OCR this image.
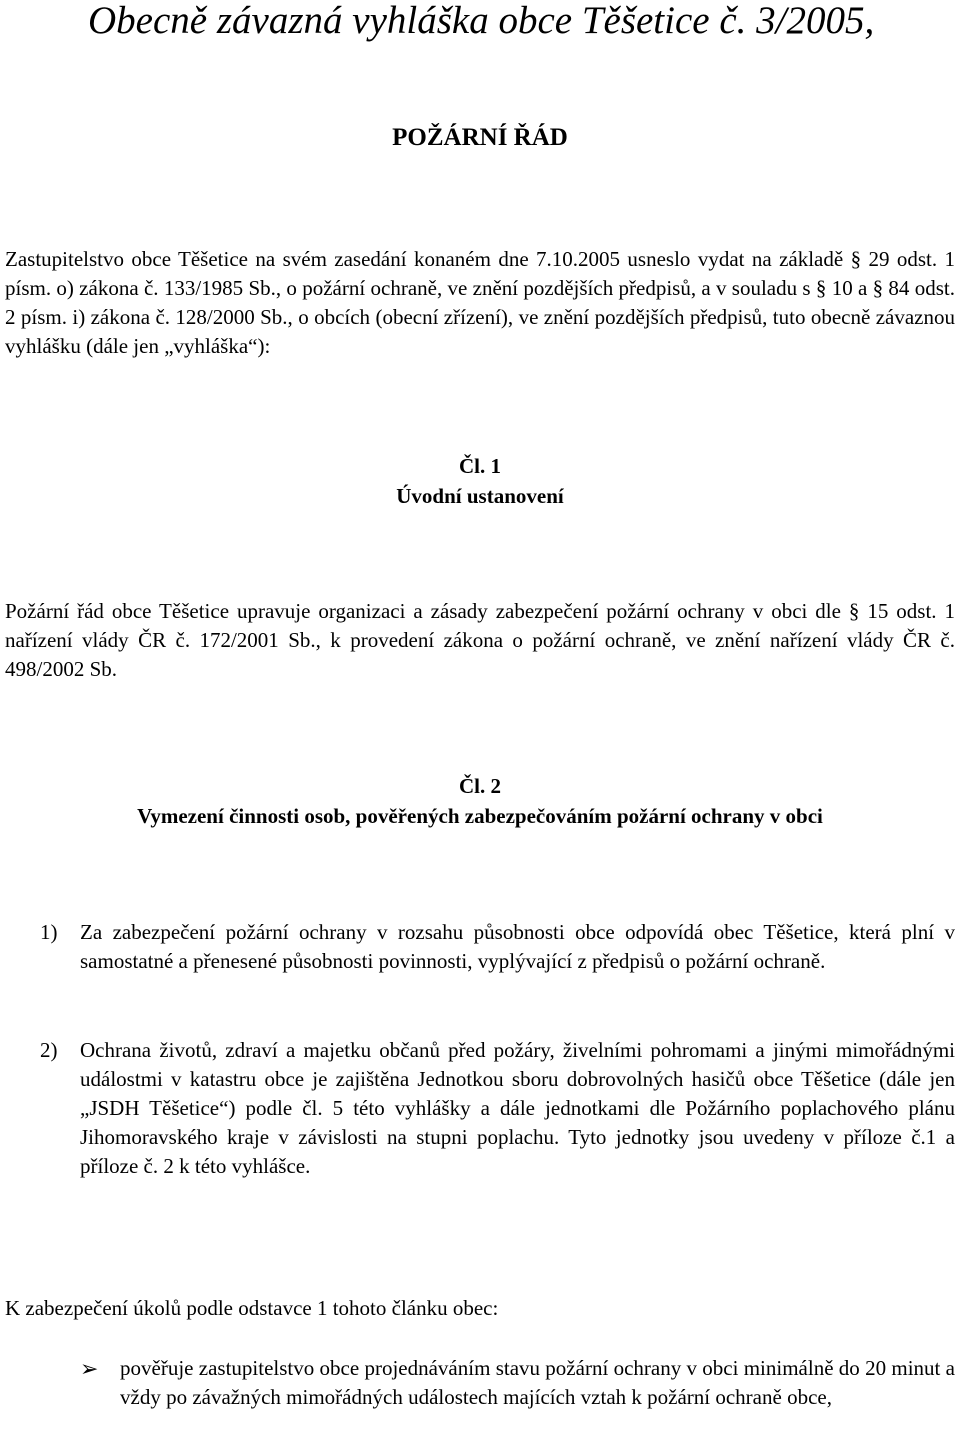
Obecně závazná vyhláška obce Těšetice č. 3/2005,
POŽÁRNÍ ŘÁD

Zastupitelstvo obce Těšetice na svém zasedání konaném dne 7.10.2005 usneslo vydat na základě § 29 odst. 1 písm. o) zákona č. 133/1985 Sb., o požární ochraně, ve znění pozdějších předpisů, a v souladu s § 10 a § 84 odst. 2 písm. i) zákona č. 128/2000 Sb., o obcích (obecní zřízení), ve znění pozdějších předpisů, tuto obecně závaznou vyhlášku (dále jen „vyhláška“):

Čl. 1
Úvodní ustanovení

Požární řád obce Těšetice upravuje organizaci a zásady zabezpečení požární ochrany v obci dle § 15 odst. 1 nařízení vlády ČR č. 172/2001 Sb., k provedení zákona o požární ochraně, ve znění nařízení vlády ČR č. 498/2002 Sb.

Čl. 2
Vymezení činnosti osob, pověřených zabezpečováním požární ochrany v obci
1) Za zabezpečení požární ochrany v rozsahu působnosti obce odpovídá obec Těšetice, která plní v samostatné a přenesené působnosti povinnosti, vyplývající z předpisů o požární ochraně.

2) Ochrana životů, zdraví a majetku občanů před požáry, živelními pohromami a jinými mimořádnými událostmi v katastru obce je zajištěna Jednotkou sboru dobrovolných hasičů obce Těšetice (dále jen „JSDH Těšetice“) podle čl. 5 této vyhlášky a dále jednotkami dle Požárního poplachového plánu Jihomoravského kraje v závislosti na stupni poplachu. Tyto jednotky jsou uvedeny v příloze č.1 a příloze č. 2 k této vyhlášce.

K zabezpečení úkolů podle odstavce 1 tohoto článku obec:

➢ pověřuje zastupitelstvo obce projednáváním stavu požární ochrany v obci minimálně do 20 minut a vždy po závažných mimořádných událostech majících vztah k požární ochraně obce,
